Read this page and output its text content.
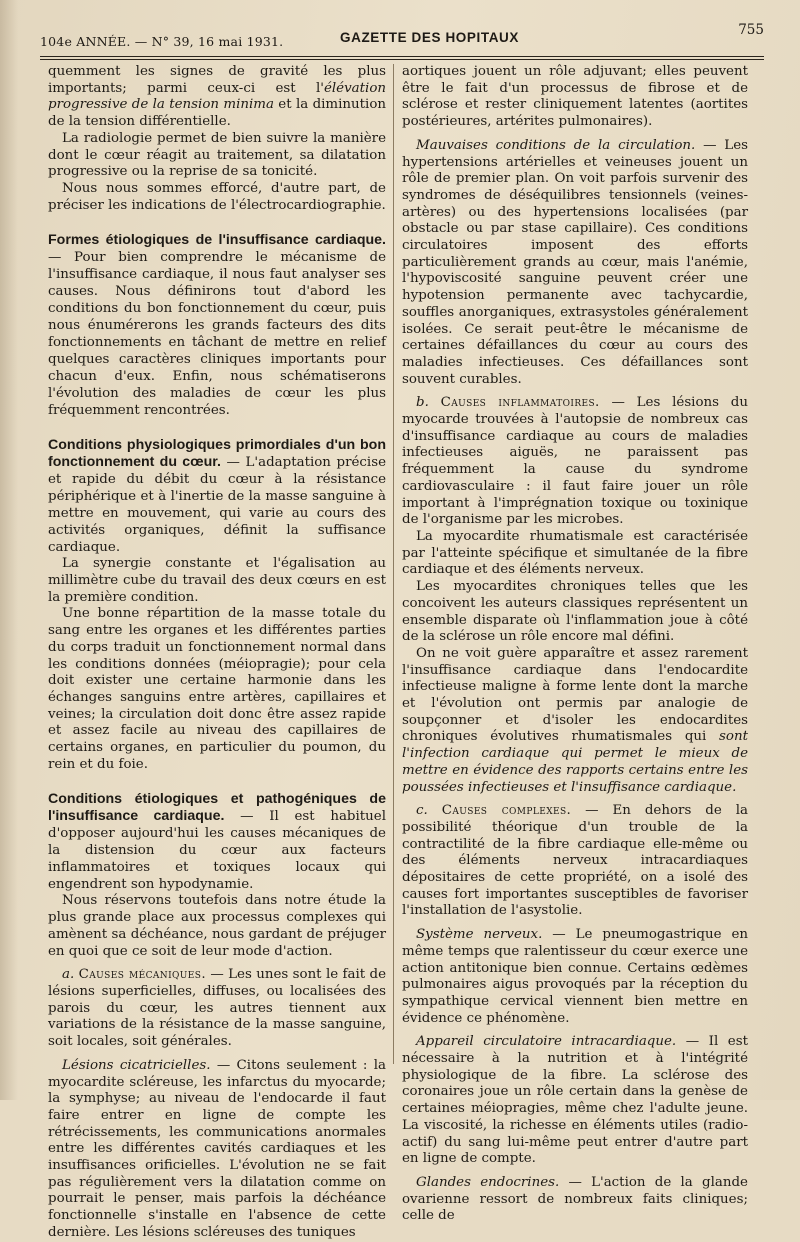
104e ANNÉE. — N° 39, 16 mai 1931.	GAZETTE DES HOPITAUX	755

quemment les signes de gravité les plus importants; parmi ceux-ci est l'élévation progressive de la tension minima et la diminution de la tension différentielle.

La radiologie permet de bien suivre la manière dont le cœur réagit au traitement, sa dilatation progressive ou la reprise de sa tonicité.

Nous nous sommes efforcé, d'autre part, de préciser les indications de l'électrocardiographie.

Formes étiologiques de l'insuffisance cardiaque. — Pour bien comprendre le mécanisme de l'insuffisance cardiaque, il nous faut analyser ses causes. Nous définirons tout d'abord les conditions du bon fonctionnement du cœur, puis nous énumérerons les grands facteurs des dits fonctionnements en tâchant de mettre en relief quelques caractères cliniques importants pour chacun d'eux. Enfin, nous schématiserons l'évolution des maladies de cœur les plus fréquemment rencontrées.
Conditions physiologiques primordiales d'un bon fonctionnement du cœur. — L'adaptation précise et rapide du débit du cœur à la résistance périphérique et à l'inertie de la masse sanguine à mettre en mouvement, qui varie au cours des activités organiques, définit la suffisance cardiaque.

La synergie constante et l'égalisation au millimètre cube du travail des deux cœurs en est la première condition.

Une bonne répartition de la masse totale du sang entre les organes et les différentes parties du corps traduit un fonctionnement normal dans les conditions données (méiopragie); pour cela doit exister une certaine harmonie dans les échanges sanguins entre artères, capillaires et veines; la circulation doit donc être assez rapide et assez facile au niveau des capillaires de certains organes, en particulier du poumon, du rein et du foie.

Conditions étiologiques et pathogéniques de l'insuffisance cardiaque. — Il est habituel d'opposer aujourd'hui les causes mécaniques de la distension du cœur aux facteurs inflammatoires et toxiques locaux qui engendrent son hypodynamie.

Nous réservons toutefois dans notre étude la plus grande place aux processus complexes qui amènent sa déchéance, nous gardant de préjuger en quoi que ce soit de leur mode d'action.

a. Causes mécaniques. — Les unes sont le fait de lésions superficielles, diffuses, ou localisées des parois du cœur, les autres tiennent aux variations de la résistance de la masse sanguine, soit locales, soit générales.

Lésions cicatricielles. — Citons seulement : la myocardite scléreuse, les infarctus du myocarde; la symphyse; au niveau de l'endocarde il faut faire entrer en ligne de compte les rétrécissements, les communications anormales entre les différentes cavités cardiaques et les insuffisances orificielles. L'évolution ne se fait pas régulièrement vers la dilatation comme on pourrait le penser, mais parfois la déchéance fonctionnelle s'installe en l'absence de cette dernière. Les lésions scléreuses des tuniques

aortiques jouent un rôle adjuvant; elles peuvent être le fait d'un processus de fibrose et de sclérose et rester cliniquement latentes (aortites postérieures, artérites pulmonaires).

Mauvaises conditions de la circulation. — Les hypertensions artérielles et veineuses jouent un rôle de premier plan. On voit parfois survenir des syndromes de déséquilibres tensionnels (veines-artères) ou des hypertensions localisées (par obstacle ou par stase capillaire). Ces conditions circulatoires imposent des efforts particulièrement grands au cœur, mais l'anémie, l'hypoviscosité sanguine peuvent créer une hypotension permanente avec tachycardie, souffles anorganiques, extrasystoles généralement isolées. Ce serait peut-être le mécanisme de certaines défaillances du cœur au cours des maladies infectieuses. Ces défaillances sont souvent curables.

b. Causes inflammatoires. — Les lésions du myocarde trouvées à l'autopsie de nombreux cas d'insuffisance cardiaque au cours de maladies infectieuses aiguës, ne paraissent pas fréquemment la cause du syndrome cardiovasculaire : il faut faire jouer un rôle important à l'imprégnation toxique ou toxinique de l'organisme par les microbes.

La myocardite rhumatismale est caractérisée par l'atteinte spécifique et simultanée de la fibre cardiaque et des éléments nerveux.

Les myocardites chroniques telles que les concoivent les auteurs classiques représentent un ensemble disparate où l'inflammation joue à côté de la sclérose un rôle encore mal défini.

On ne voit guère apparaître et assez rarement l'insuffisance cardiaque dans l'endocardite infectieuse maligne à forme lente dont la marche et l'évolution ont permis par analogie de soupçonner et d'isoler les endocardites chroniques évolutives rhumatismales qui sont l'infection cardiaque qui permet le mieux de mettre en évidence des rapports certains entre les poussées infectieuses et l'insuffisance cardiaque.

c. Causes complexes. — En dehors de la possibilité théorique d'un trouble de la contractilité de la fibre cardiaque elle-même ou des éléments nerveux intracardiaques dépositaires de cette propriété, on a isolé des causes fort importantes susceptibles de favoriser l'installation de l'asystolie.

Système nerveux. — Le pneumogastrique en même temps que ralentisseur du cœur exerce une action antitonique bien connue. Certains œdèmes pulmonaires aigus provoqués par la réception du sympathique cervical viennent bien mettre en évidence ce phénomène.

Appareil circulatoire intracardiaque. — Il est nécessaire à la nutrition et à l'intégrité physiologique de la fibre. La sclérose des coronaires joue un rôle certain dans la genèse de certaines méiopragies, même chez l'adulte jeune. La viscosité, la richesse en éléments utiles (radio-actif) du sang lui-même peut entrer d'autre part en ligne de compte.

Glandes endocrines. — L'action de la glande ovarienne ressort de nombreux faits cliniques; celle de
